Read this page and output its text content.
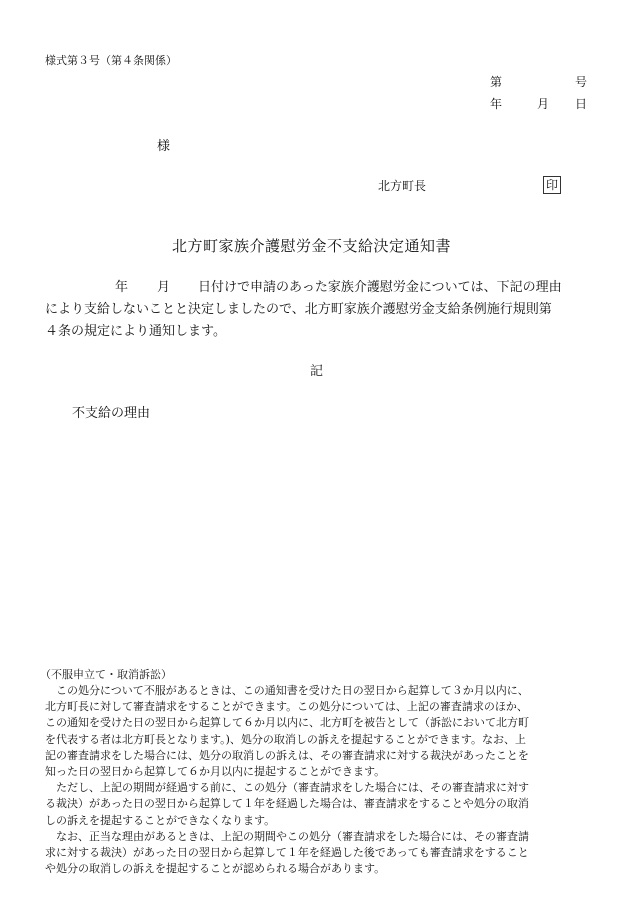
様式第３号（第４条関係）
第	号
年	月 日
様
北方町長	印
北方町家族介護慰労金不支給決定通知書
年 月 日付けで申請のあった家族介護慰労金については、下記の理由
により支給しないことと決定しましたので、北方町家族介護慰労金支給条例施行規則第
４条の規定により通知します。
記
不支給の理由
（不服申立て・取消訴訟）
　この処分について不服があるときは、この通知書を受けた日の翌日から起算して３か月以内に、
北方町長に対して審査請求をすることができます。この処分については、上記の審査請求のほか、
この通知を受けた日の翌日から起算して６か月以内に、北方町を被告として（訴訟において北方町
を代表する者は北方町長となります。)、処分の取消しの訴えを提起することができます。なお、上
記の審査請求をした場合には、処分の取消しの訴えは、その審査請求に対する裁決があったことを
知った日の翌日から起算して６か月以内に提起することができます。
　ただし、上記の期間が経過する前に、この処分（審査請求をした場合には、その審査請求に対す
る裁決）があった日の翌日から起算して１年を経過した場合は、審査請求をすることや処分の取消
しの訴えを提起することができなくなります。
　なお、正当な理由があるときは、上記の期間やこの処分（審査請求をした場合には、その審査請
求に対する裁決）があった日の翌日から起算して１年を経過した後であっても審査請求をすること
や処分の取消しの訴えを提起することが認められる場合があります。
